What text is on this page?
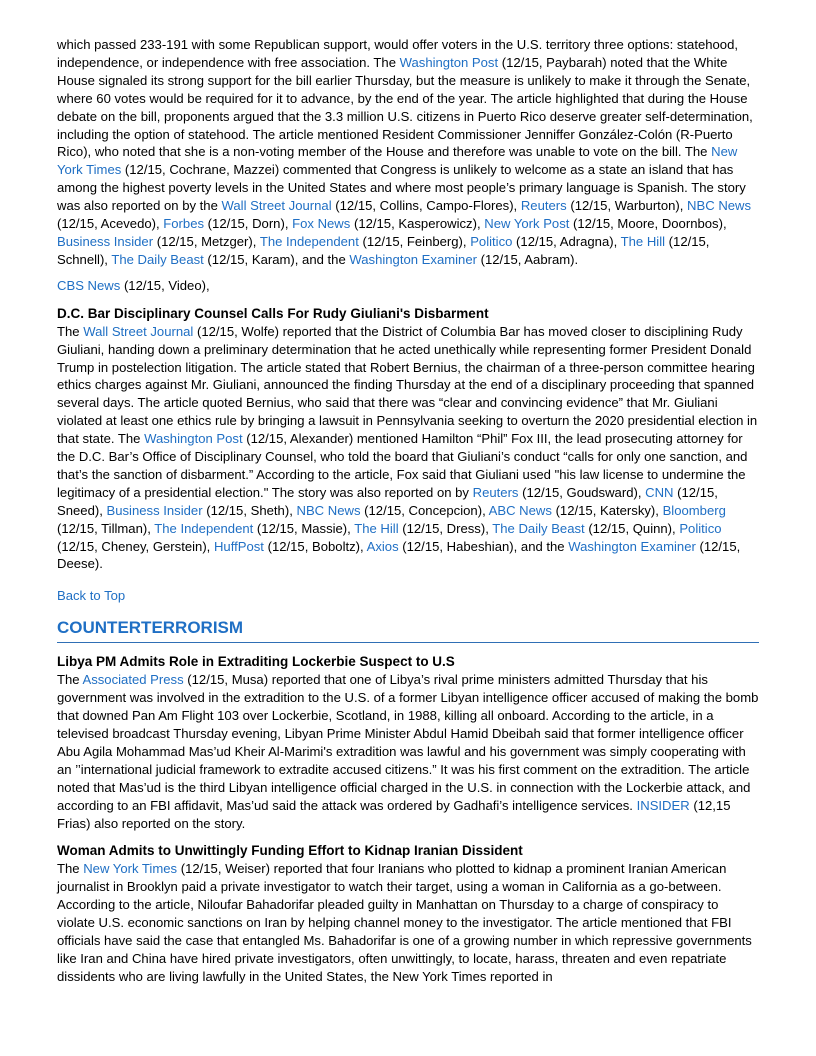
which passed 233-191 with some Republican support, would offer voters in the U.S. territory three options: statehood, independence, or independence with free association. The Washington Post (12/15, Paybarah) noted that the White House signaled its strong support for the bill earlier Thursday, but the measure is unlikely to make it through the Senate, where 60 votes would be required for it to advance, by the end of the year. The article highlighted that during the House debate on the bill, proponents argued that the 3.3 million U.S. citizens in Puerto Rico deserve greater self-determination, including the option of statehood. The article mentioned Resident Commissioner Jenniffer González-Colón (R-Puerto Rico), who noted that she is a non-voting member of the House and therefore was unable to vote on the bill. The New York Times (12/15, Cochrane, Mazzei) commented that Congress is unlikely to welcome as a state an island that has among the highest poverty levels in the United States and where most people’s primary language is Spanish. The story was also reported on by the Wall Street Journal (12/15, Collins, Campo-Flores), Reuters (12/15, Warburton), NBC News (12/15, Acevedo), Forbes (12/15, Dorn), Fox News (12/15, Kasperowicz), New York Post (12/15, Moore, Doornbos), Business Insider (12/15, Metzger), The Independent (12/15, Feinberg), Politico (12/15, Adragna), The Hill (12/15, Schnell), The Daily Beast (12/15, Karam), and the Washington Examiner (12/15, Aabram).

CBS News (12/15, Video),

D.C. Bar Disciplinary Counsel Calls For Rudy Giuliani's Disbarment

The Wall Street Journal (12/15, Wolfe) reported that the District of Columbia Bar has moved closer to disciplining Rudy Giuliani, handing down a preliminary determination that he acted unethically while representing former President Donald Trump in postelection litigation. The article stated that Robert Bernius, the chairman of a three-person committee hearing ethics charges against Mr. Giuliani, announced the finding Thursday at the end of a disciplinary proceeding that spanned several days. The article quoted Bernius, who said that there was “clear and convincing evidence” that Mr. Giuliani violated at least one ethics rule by bringing a lawsuit in Pennsylvania seeking to overturn the 2020 presidential election in that state. The Washington Post (12/15, Alexander) mentioned Hamilton “Phil” Fox III, the lead prosecuting attorney for the D.C. Bar’s Office of Disciplinary Counsel, who told the board that Giuliani’s conduct “calls for only one sanction, and that’s the sanction of disbarment.” According to the article, Fox said that Giuliani used "his law license to undermine the legitimacy of a presidential election." The story was also reported on by Reuters (12/15, Goudsward), CNN (12/15, Sneed), Business Insider (12/15, Sheth), NBC News (12/15, Concepcion), ABC News (12/15, Katersky), Bloomberg (12/15, Tillman), The Independent (12/15, Massie), The Hill (12/15, Dress), The Daily Beast (12/15, Quinn), Politico (12/15, Cheney, Gerstein), HuffPost (12/15, Boboltz), Axios (12/15, Habeshian), and the Washington Examiner (12/15, Deese).

Back to Top

COUNTERTERRORISM
Libya PM Admits Role in Extraditing Lockerbie Suspect to U.S

The Associated Press (12/15, Musa) reported that one of Libya’s rival prime ministers admitted Thursday that his government was involved in the extradition to the U.S. of a former Libyan intelligence officer accused of making the bomb that downed Pan Am Flight 103 over Lockerbie, Scotland, in 1988, killing all onboard. According to the article, in a televised broadcast Thursday evening, Libyan Prime Minister Abdul Hamid Dbeibah said that former intelligence officer Abu Agila Mohammad Mas’ud Kheir Al-Marimi's extradition was lawful and his government was simply cooperating with an ’’international judicial framework to extradite accused citizens.” It was his first comment on the extradition. The article noted that Mas’ud is the third Libyan intelligence official charged in the U.S. in connection with the Lockerbie attack, and according to an FBI affidavit, Mas’ud said the attack was ordered by Gadhafi’s intelligence services. INSIDER (12,15 Frias) also reported on the story.

Woman Admits to Unwittingly Funding Effort to Kidnap Iranian Dissident

The New York Times (12/15, Weiser) reported that four Iranians who plotted to kidnap a prominent Iranian American journalist in Brooklyn paid a private investigator to watch their target, using a woman in California as a go-between. According to the article, Niloufar Bahadorifar pleaded guilty in Manhattan on Thursday to a charge of conspiracy to violate U.S. economic sanctions on Iran by helping channel money to the investigator. The article mentioned that FBI officials have said the case that entangled Ms. Bahadorifar is one of a growing number in which repressive governments like Iran and China have hired private investigators, often unwittingly, to locate, harass, threaten and even repatriate dissidents who are living lawfully in the United States, the New York Times reported in
